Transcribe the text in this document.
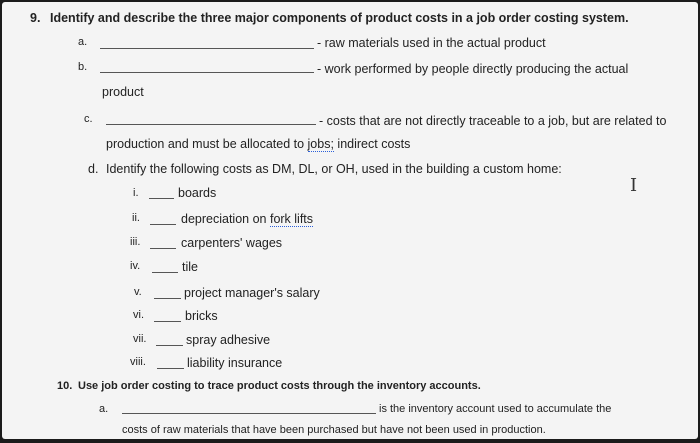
9. Identify and describe the three major components of product costs in a job order costing system.
a.	- raw materials used in the actual product
b.	- work performed by people directly producing the actual
product
c.	- costs that are not directly traceable to a job, but are related to
production and must be allocated to jobs; indirect costs
d. Identify the following costs as DM, DL, or OH, used in the building a custom home:
i.	boards
ii.	depreciation on fork lifts
iii.	carpenters' wages
iv.	tile
v.	project manager's salary
vi.	bricks
vii.	spray adhesive
viii.	liability insurance
10. Use job order costing to trace product costs through the inventory accounts.
a.	is the inventory account used to accumulate the
costs of raw materials that have been purchased but have not been used in production.
I
